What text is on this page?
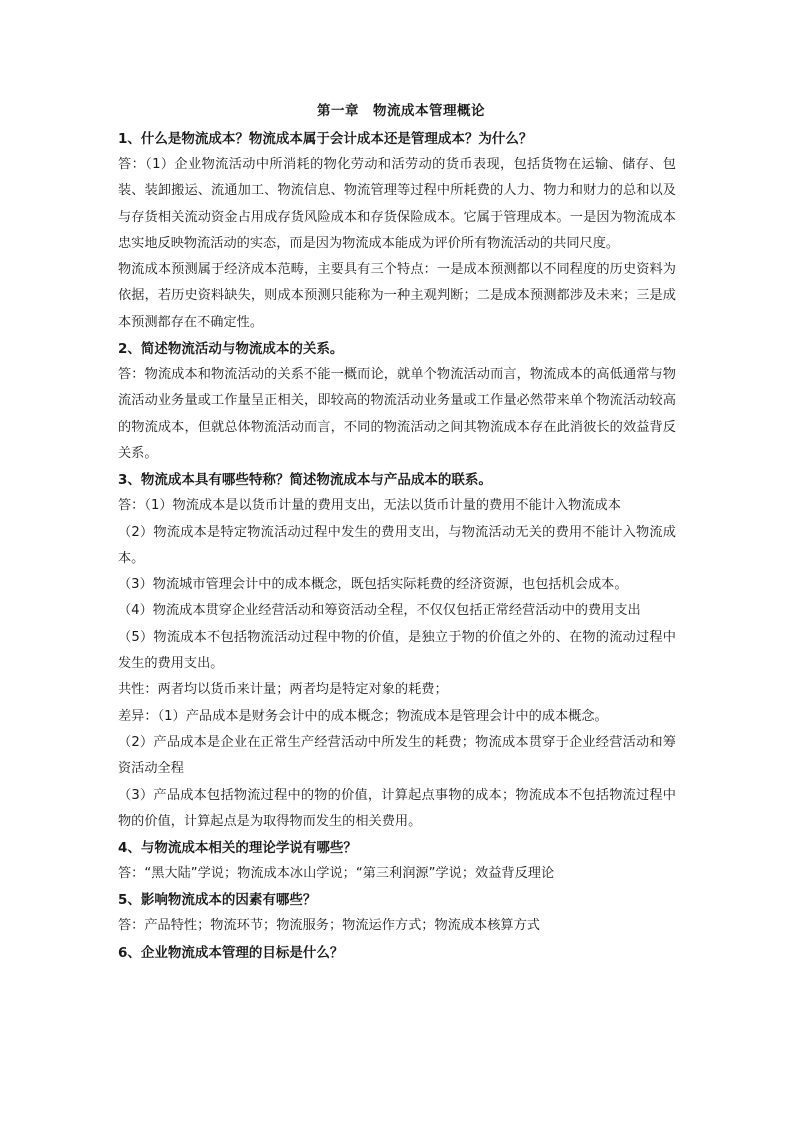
第一章　物流成本管理概论
1、什么是物流成本？物流成本属于会计成本还是管理成本？为什么？
答：（1）企业物流活动中所消耗的物化劳动和活劳动的货币表现，包括货物在运输、储存、包装、装卸搬运、流通加工、物流信息、物流管理等过程中所耗费的人力、物力和财力的总和以及与存货相关流动资金占用成存货风险成本和存货保险成本。它属于管理成本。一是因为物流成本忠实地反映物流活动的实态，而是因为物流成本能成为评价所有物流活动的共同尺度。
物流成本预测属于经济成本范畴，主要具有三个特点：一是成本预测都以不同程度的历史资料为依据，若历史资料缺失，则成本预测只能称为一种主观判断；二是成本预测都涉及未来；三是成本预测都存在不确定性。
2、简述物流活动与物流成本的关系。
答：物流成本和物流活动的关系不能一概而论，就单个物流活动而言，物流成本的高低通常与物流活动业务量或工作量呈正相关，即较高的物流活动业务量或工作量必然带来单个物流活动较高的物流成本，但就总体物流活动而言，不同的物流活动之间其物流成本存在此消彼长的效益背反关系。
3、物流成本具有哪些特称？简述物流成本与产品成本的联系。
答：（1）物流成本是以货币计量的费用支出，无法以货币计量的费用不能计入物流成本
（2）物流成本是特定物流活动过程中发生的费用支出，与物流活动无关的费用不能计入物流成本。
（3）物流城市管理会计中的成本概念，既包括实际耗费的经济资源，也包括机会成本。
（4）物流成本贯穿企业经营活动和筹资活动全程，不仅仅包括正常经营活动中的费用支出
（5）物流成本不包括物流活动过程中物的价值，是独立于物的价值之外的、在物的流动过程中发生的费用支出。
共性：两者均以货币来计量；两者均是特定对象的耗费；
差异：（1）产品成本是财务会计中的成本概念；物流成本是管理会计中的成本概念。
（2）产品成本是企业在正常生产经营活动中所发生的耗费；物流成本贯穿于企业经营活动和筹资活动全程
（3）产品成本包括物流过程中的物的价值，计算起点事物的成本；物流成本不包括物流过程中物的价值，计算起点是为取得物而发生的相关费用。
4、与物流成本相关的理论学说有哪些？
答：“黑大陆”学说；物流成本冰山学说；“第三利润源”学说；效益背反理论
5、影响物流成本的因素有哪些？
答：产品特性；物流环节；物流服务；物流运作方式；物流成本核算方式
6、企业物流成本管理的目标是什么？
